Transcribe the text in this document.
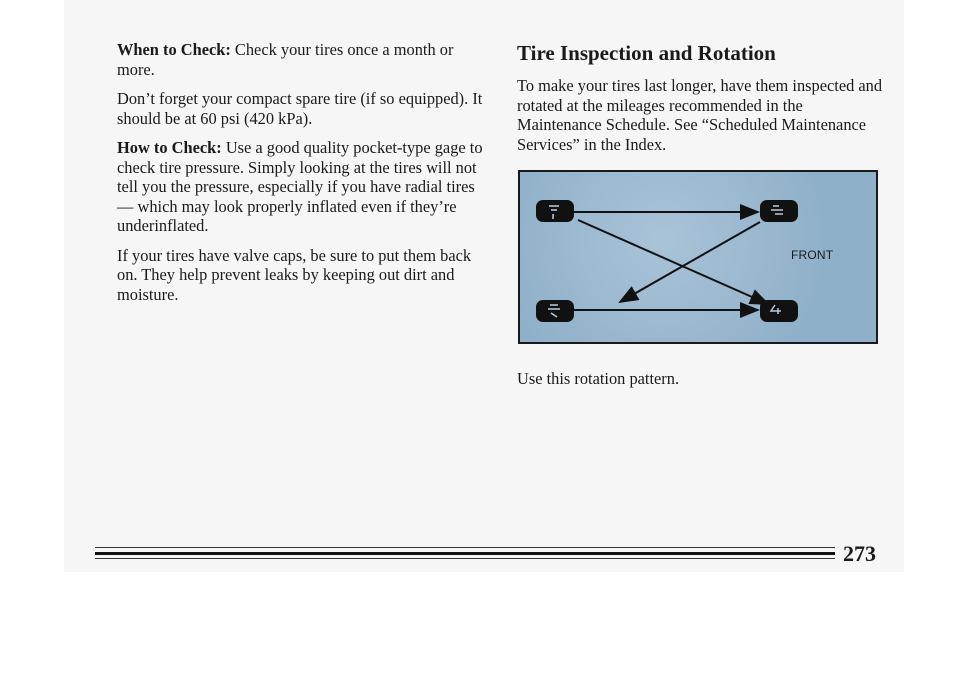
When to Check: Check your tires once a month or more.

Don’t forget your compact spare tire (if so equipped). It should be at 60 psi (420 kPa).

How to Check: Use a good quality pocket-type gage to check tire pressure. Simply looking at the tires will not tell you the pressure, especially if you have radial tires — which may look properly inflated even if they’re underinflated.

If your tires have valve caps, be sure to put them back on. They help prevent leaks by keeping out dirt and moisture.

Tire Inspection and Rotation

To make your tires last longer, have them inspected and rotated at the mileages recommended in the Maintenance Schedule. See “Scheduled Maintenance Services” in the Index.

FRONT
Use this rotation pattern.
273
